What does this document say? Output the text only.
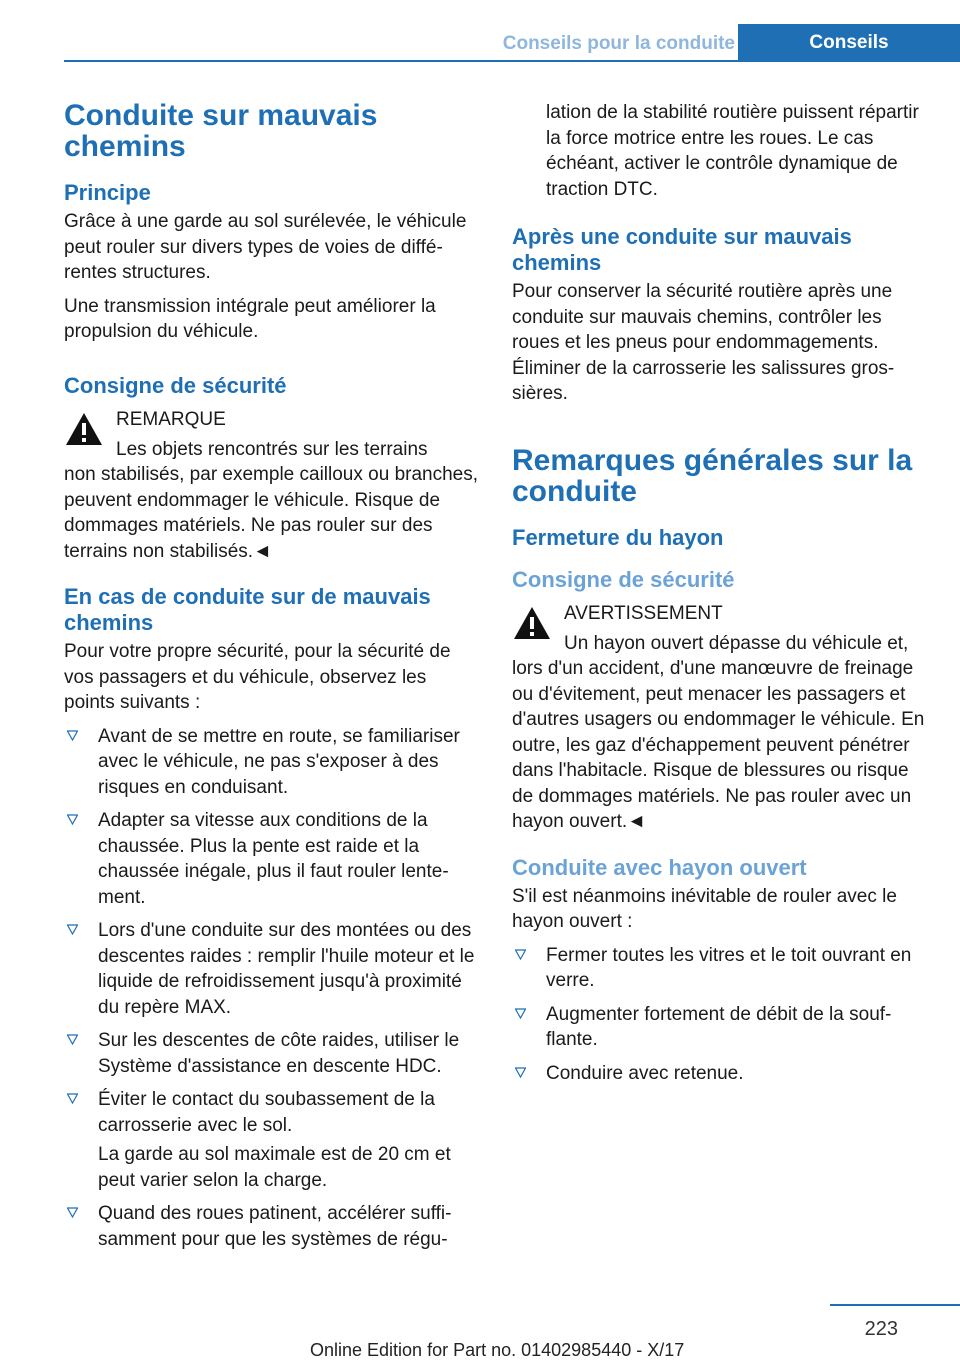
Conseils pour la conduite	Conseils
Conduite sur mauvais chemins
Principe

Grâce à une garde au sol surélevée, le véhicule peut rouler sur divers types de voies de différentes structures.

Une transmission intégrale peut améliorer la propulsion du véhicule.

Consigne de sécurité
REMARQUE
Les objets rencontrés sur les terrains
non stabilisés, par exemple cailloux ou branches, peuvent endommager le véhicule. Risque de dommages matériels. Ne pas rouler sur des terrains non stabilisés.◄
En cas de conduite sur de mauvais chemins

Pour votre propre sécurité, pour la sécurité de vos passagers et du véhicule, observez les points suivants :

Avant de se mettre en route, se familiariser avec le véhicule, ne pas s'exposer à des risques en conduisant.
Adapter sa vitesse aux conditions de la chaussée. Plus la pente est raide et la chaussée inégale, plus il faut rouler lentement.
Lors d'une conduite sur des montées ou des descentes raides : remplir l'huile moteur et le liquide de refroidissement jusqu'à proximité du repère MAX.
Sur les descentes de côte raides, utiliser le Système d'assistance en descente HDC.
Éviter le contact du soubassement de la carrosserie avec le sol.
La garde au sol maximale est de 20 cm et peut varier selon la charge.
Quand des roues patinent, accélérer suffisamment pour que les systèmes de régu-

lation de la stabilité routière puissent répartir la force motrice entre les roues. Le cas échéant, activer le contrôle dynamique de traction DTC.

Après une conduite sur mauvais chemins

Pour conserver la sécurité routière après une conduite sur mauvais chemins, contrôler les roues et les pneus pour endommagements. Éliminer de la carrosserie les salissures grossières.

Remarques générales sur la conduite
Fermeture du hayon
Consigne de sécurité
AVERTISSEMENT
Un hayon ouvert dépasse du véhicule et,
lors d'un accident, d'une manœuvre de freinage ou d'évitement, peut menacer les passagers et d'autres usagers ou endommager le véhicule. En outre, les gaz d'échappement peuvent pénétrer dans l'habitacle. Risque de blessures ou risque de dommages matériels. Ne pas rouler avec un hayon ouvert.◄
Conduite avec hayon ouvert

S'il est néanmoins inévitable de rouler avec le hayon ouvert :

Fermer toutes les vitres et le toit ouvrant en verre.
Augmenter fortement de débit de la soufflante.
Conduire avec retenue.
223
Online Edition for Part no. 01402985440 - X/17
